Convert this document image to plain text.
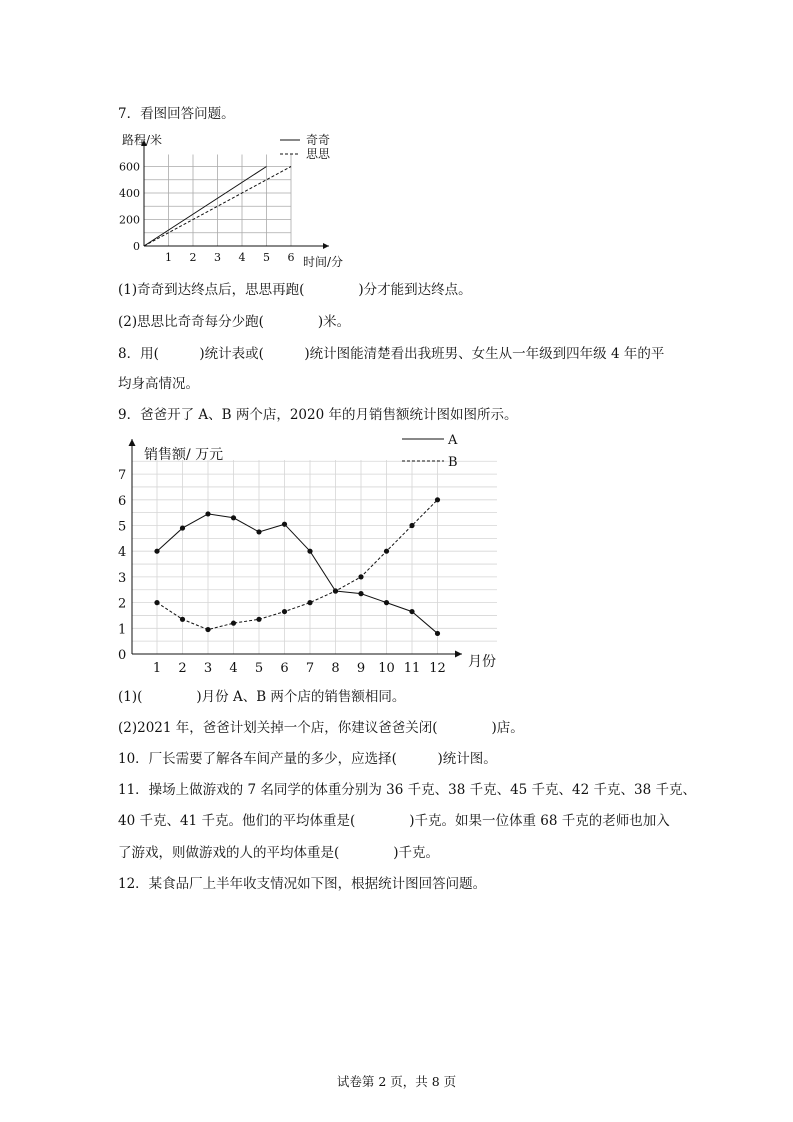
7．看图回答问题。
1 2 3 4 5 6
0
200
400
600
路程/米
时间/分
奇奇
思思
(1)奇奇到达终点后，思思再跑(　　　　)分才能到达终点。
(2)思思比奇奇每分少跑(　　　　)米。
8．用(　　　)统计表或(　　　)统计图能清楚看出我班男、女生从一年级到四年级 4 年的平
均身高情况。
9．爸爸开了 A、B 两个店，2020 年的月销售额统计图如图所示。
1 2 3 4 5 6 7 8 9 10 11 12
0
1
2
3
4
5
6
7
销售额/ 万元
月份
A
B
(1)(　　　　)月份 A、B 两个店的销售额相同。
(2)2021 年，爸爸计划关掉一个店，你建议爸爸关闭(　　　　)店。
10．厂长需要了解各车间产量的多少，应选择(　　　)统计图。
11．操场上做游戏的 7 名同学的体重分别为 36 千克、38 千克、45 千克、42 千克、38 千克、
40 千克、41 千克。他们的平均体重是(　　　　)千克。如果一位体重 68 千克的老师也加入
了游戏，则做游戏的人的平均体重是(　　　　)千克。
12．某食品厂上半年收支情况如下图，根据统计图回答问题。
试卷第 2 页，共 8 页
